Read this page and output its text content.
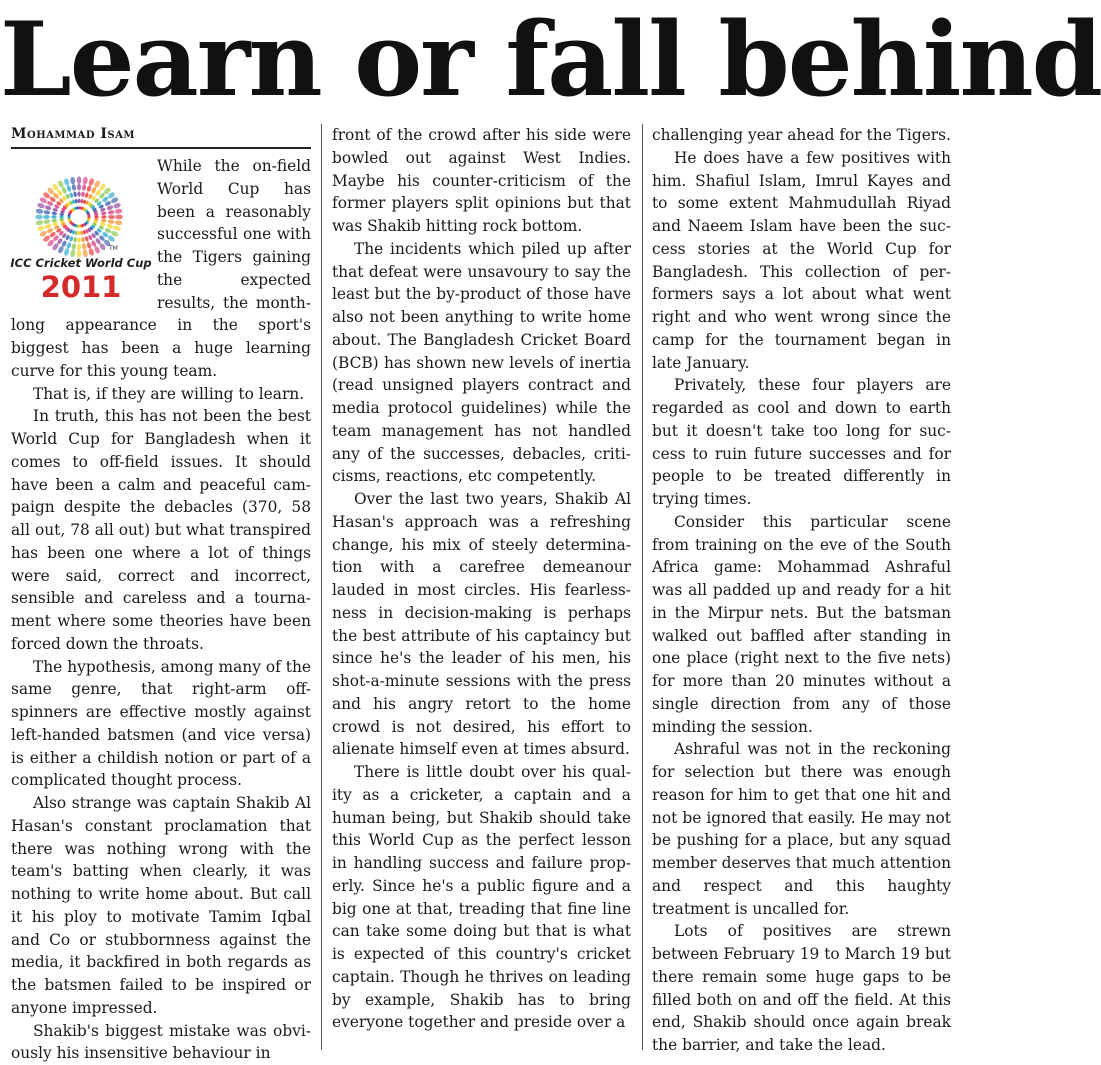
Learn or fall behind
Mohammad Isam
TM
ICC Cricket World Cup
2011

While the on-field World Cup has been a reasonably successful one with the Tigers gaining the expected results, the month-long appearance in the sport's biggest has been a huge learning curve for this young team.

That is, if they are willing to learn.

In truth, this has not been the best World Cup for Bangladesh when it comes to off-field issues. It should have been a calm and peaceful campaign despite the debacles (370, 58 all out, 78 all out) but what transpired has been one where a lot of things were said, correct and incorrect, sensible and careless and a tournament where some theories have been forced down the throats.

The hypothesis, among many of the same genre, that right-arm off-spinners are effective mostly against left-handed batsmen (and vice versa) is either a childish notion or part of a complicated thought process.

Also strange was captain Shakib Al Hasan's constant proclamation that there was nothing wrong with the team's batting when clearly, it was nothing to write home about. But call it his ploy to motivate Tamim Iqbal and Co or stubbornness against the media, it backfired in both regards as the batsmen failed to be inspired or anyone impressed.

Shakib's biggest mistake was obviously his insensitive behaviour in

front of the crowd after his side were bowled out against West Indies. Maybe his counter-criticism of the former players split opinions but that was Shakib hitting rock bottom.

The incidents which piled up after that defeat were unsavoury to say the least but the by-product of those have also not been anything to write home about. The Bangladesh Cricket Board (BCB) has shown new levels of inertia (read unsigned players contract and media protocol guidelines) while the team management has not handled any of the successes, debacles, criticisms, reactions, etc competently.

Over the last two years, Shakib Al Hasan's approach was a refreshing change, his mix of steely determination with a carefree demeanour lauded in most circles. His fearlessness in decision-making is perhaps the best attribute of his captaincy but since he's the leader of his men, his shot-a-minute sessions with the press and his angry retort to the home crowd is not desired, his effort to alienate himself even at times absurd.

There is little doubt over his quality as a cricketer, a captain and a human being, but Shakib should take this World Cup as the perfect lesson in handling success and failure properly. Since he's a public figure and a big one at that, treading that fine line can take some doing but that is what is expected of this country's cricket captain. Though he thrives on leading by example, Shakib has to bring everyone together and preside over a

challenging year ahead for the Tigers.

He does have a few positives with him. Shafiul Islam, Imrul Kayes and to some extent Mahmudullah Riyad and Naeem Islam have been the success stories at the World Cup for Bangladesh. This collection of performers says a lot about what went right and who went wrong since the camp for the tournament began in late January.

Privately, these four players are regarded as cool and down to earth but it doesn't take too long for success to ruin future successes and for people to be treated differently in trying times.

Consider this particular scene from training on the eve of the South Africa game: Mohammad Ashraful was all padded up and ready for a hit in the Mirpur nets. But the batsman walked out baffled after standing in one place (right next to the five nets) for more than 20 minutes without a single direction from any of those minding the session.

Ashraful was not in the reckoning for selection but there was enough reason for him to get that one hit and not be ignored that easily. He may not be pushing for a place, but any squad member deserves that much attention and respect and this haughty treatment is uncalled for.

Lots of positives are strewn between February 19 to March 19 but there remain some huge gaps to be filled both on and off the field. At this end, Shakib should once again break the barrier, and take the lead.
